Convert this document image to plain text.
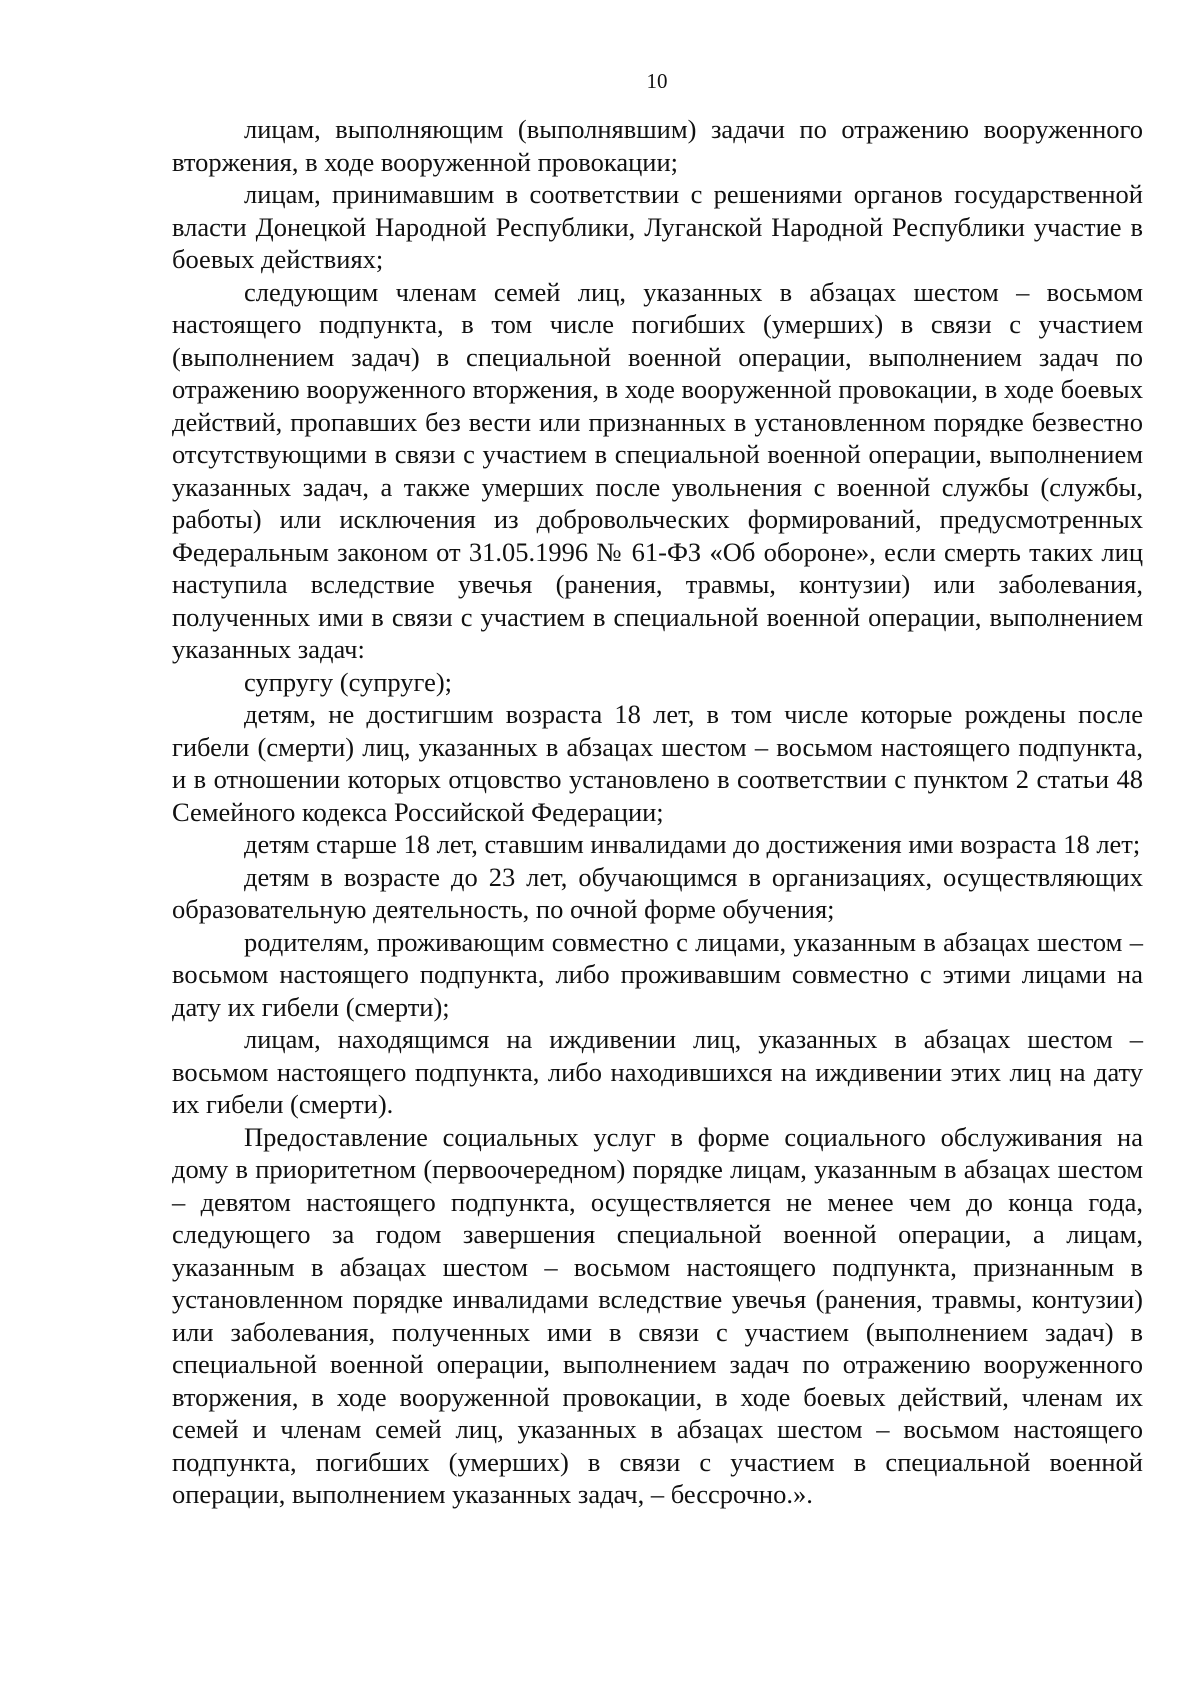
10

лицам, выполняющим (выполнявшим) задачи по отражению вооруженного вторжения, в ходе вооруженной провокации;

лицам, принимавшим в соответствии с решениями органов государственной власти Донецкой Народной Республики, Луганской Народной Республики участие в боевых действиях;

следующим членам семей лиц, указанных в абзацах шестом – восьмом настоящего подпункта, в том числе погибших (умерших) в связи с участием (выполнением задач) в специальной военной операции, выполнением задач по отражению вооруженного вторжения, в ходе вооруженной провокации, в ходе боевых действий, пропавших без вести или признанных в установленном порядке безвестно отсутствующими в связи с участием в специальной военной операции, выполнением указанных задач, а также умерших после увольнения с военной службы (службы, работы) или исключения из добровольческих формирований, предусмотренных Федеральным законом от 31.05.1996 № 61-ФЗ «Об обороне», если смерть таких лиц наступила вследствие увечья (ранения, травмы, контузии) или заболевания, полученных ими в связи с участием в специальной военной операции, выполнением указанных задач:

супругу (супруге);

детям, не достигшим возраста 18 лет, в том числе которые рождены после гибели (смерти) лиц, указанных в абзацах шестом – восьмом настоящего подпункта, и в отношении которых отцовство установлено в соответствии с пунктом 2 статьи 48 Семейного кодекса Российской Федерации;

детям старше 18 лет, ставшим инвалидами до достижения ими возраста 18 лет;

детям в возрасте до 23 лет, обучающимся в организациях, осуществляющих образовательную деятельность, по очной форме обучения;

родителям, проживающим совместно с лицами, указанным в абзацах шестом – восьмом настоящего подпункта, либо проживавшим совместно с этими лицами на дату их гибели (смерти);

лицам, находящимся на иждивении лиц, указанных в абзацах шестом – восьмом настоящего подпункта, либо находившихся на иждивении этих лиц на дату их гибели (смерти).

Предоставление социальных услуг в форме социального обслуживания на дому в приоритетном (первоочередном) порядке лицам, указанным в абзацах шестом – девятом настоящего подпункта, осуществляется не менее чем до конца года, следующего за годом завершения специальной военной операции, а лицам, указанным в абзацах шестом – восьмом настоящего подпункта, признанным в установленном порядке инвалидами вследствие увечья (ранения, травмы, контузии) или заболевания, полученных ими в связи с участием (выполнением задач) в специальной военной операции, выполнением задач по отражению вооруженного вторжения, в ходе вооруженной провокации, в ходе боевых действий, членам их семей и членам семей лиц, указанных в абзацах шестом – восьмом настоящего подпункта, погибших (умерших) в связи с участием в специальной военной операции, выполнением указанных задач, – бессрочно.».
